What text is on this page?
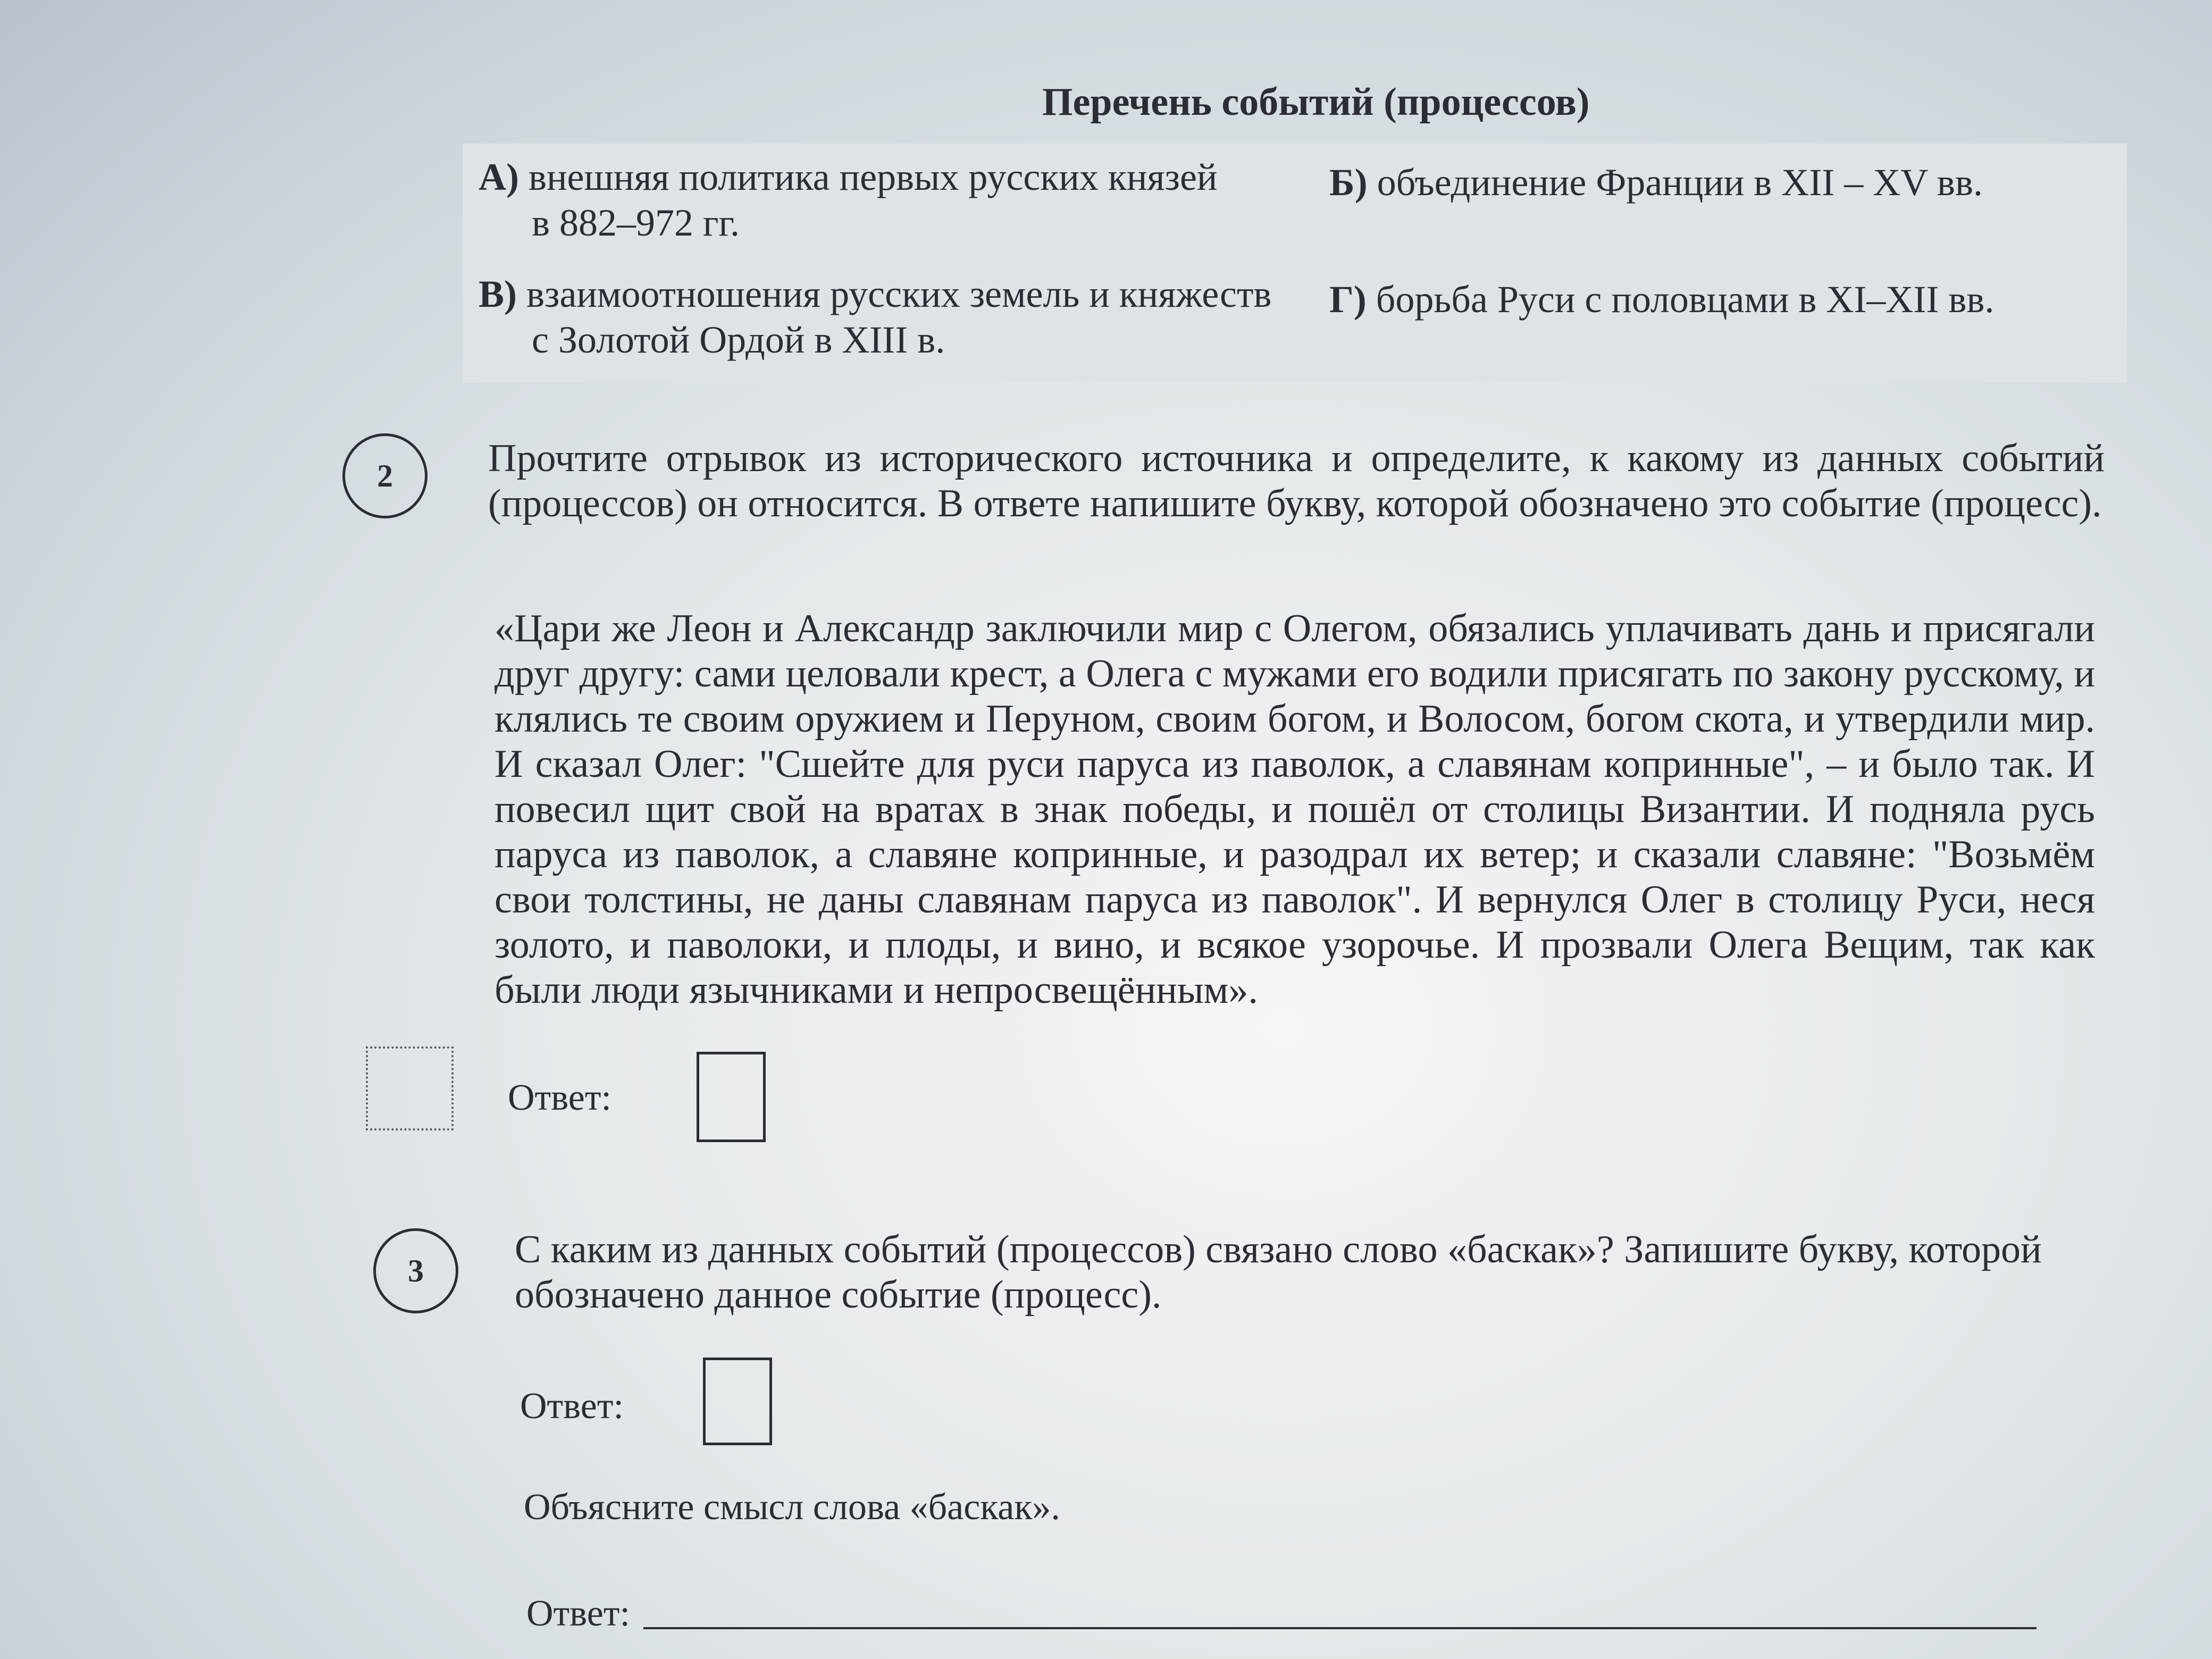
Перечень событий (процессов)
А) внешняя политика первых русских князей
в 882–972 гг.
Б) объединение Франции в XII – XV вв.
В) взаимоотношения русских земель и княжеств
с Золотой Ордой в XIII в.
Г) борьба Руси с половцами в XI–XII вв.
2	Прочтите отрывок из исторического источника и определите, к какому из данных событий (процессов) он относится. В ответе напишите букву, которой обозначено это событие (процесс).
«Цари же Леон и Александр заключили мир с Олегом, обязались уплачивать дань и присягали друг другу: сами целовали крест, а Олега с мужами его водили присягать по закону русскому, и клялись те своим оружием и Перуном, своим богом, и Волосом, богом скота, и утвердили мир. И сказал Олег: "Сшейте для руси паруса из паволок, а славянам копринные", – и было так. И повесил щит свой на вратах в знак победы, и пошёл от столицы Византии. И подняла русь паруса из паволок, а славяне копринные, и разодрал их ветер; и сказали славяне: "Возьмём свои толстины, не даны славянам паруса из паволок". И вернулся Олег в столицу Руси, неся золото, и паволоки, и плоды, и вино, и всякое узорочье. И прозвали Олега Вещим, так как были люди язычниками и непросвещённым».
Ответ:
3	С каким из данных событий (процессов) связано слово «баскак»? Запишите букву, которой обозначено данное событие (процесс).
Ответ:
Объясните смысл слова «баскак».
Ответ:
